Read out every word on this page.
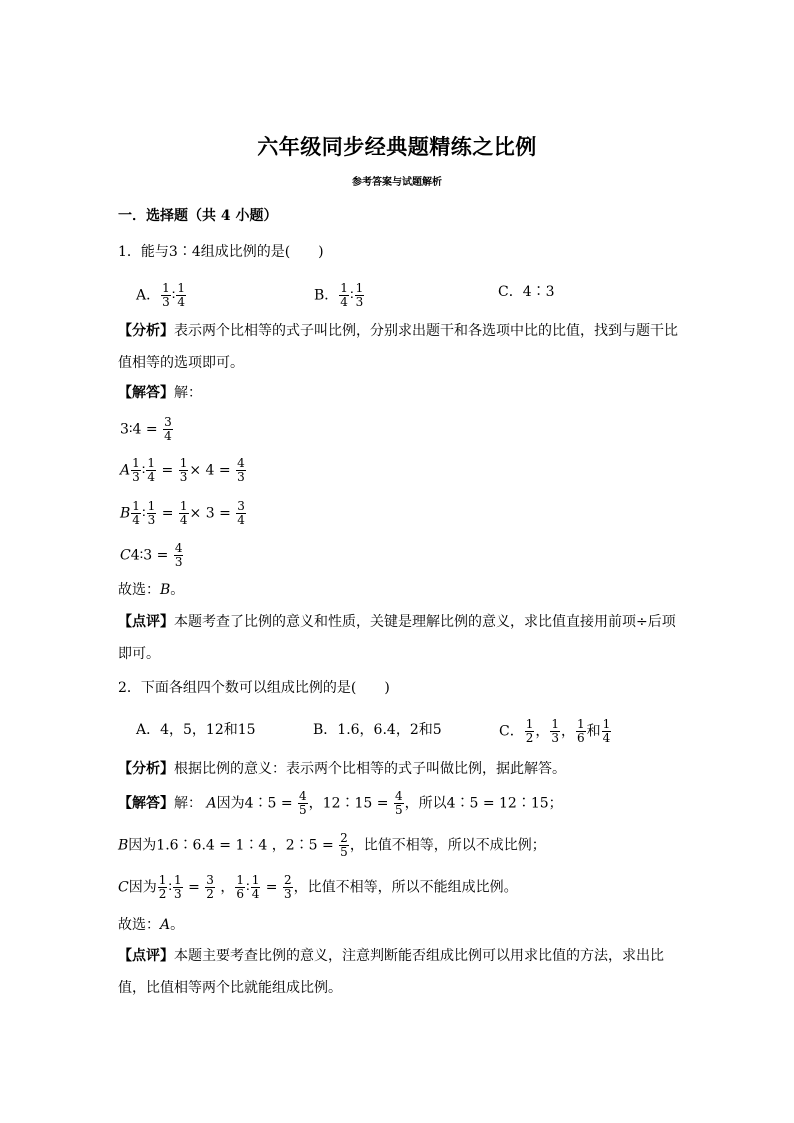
六年级同步经典题精练之比例
参考答案与试题解析
一．选择题（共 4 小题）
1．能与3∶4组成比例的是(　　)
A． $\frac{1}{3}$ ∶ $\frac{1}{4}$	B． $\frac{1}{4}$ ∶ $\frac{1}{3}$	C．4∶3
【分析】表示两个比相等的式子叫比例，分别求出题干和各选项中比的比值，找到与题干比值相等的选项即可。
【解答】解：
3∶4 = $\frac{3}{4}$
A $\frac{1}{3}$ ∶ $\frac{1}{4} = \frac{1}{3} \times 4 = \frac{4}{3}$
B $\frac{1}{4}$ ∶ $\frac{1}{3} = \frac{1}{4} \times 3 = \frac{3}{4}$
C4∶3 = $\frac{4}{3}$
故选：B。
【点评】本题考查了比例的意义和性质，关键是理解比例的意义，求比值直接用前项÷后项即可。
2．下面各组四个数可以组成比例的是(　　)
A．4，5，12和15	B．1.6，6.4，2和5	C． $\frac{1}{2}$ ， $\frac{1}{3}$ ， $\frac{1}{6}$ 和 $\frac{1}{4}$
【分析】根据比例的意义：表示两个比相等的式子叫做比例，据此解答。
【解答】解： A因为4∶5 = $\frac{4}{5}$ ，12∶15 = $\frac{4}{5}$ ，所以4∶5 = 12∶15；
B因为1.6∶6.4 = 1∶4 ，2∶5 = $\frac{2}{5}$ ，比值不相等，所以不成比例；
C因为 $\frac{1}{2}$ ∶ $\frac{1}{3} = \frac{3}{2}$ ， $\frac{1}{6}$ ∶ $\frac{1}{4} = \frac{2}{3}$ ，比值不相等，所以不能组成比例。
故选：A。
【点评】本题主要考查比例的意义，注意判断能否组成比例可以用求比值的方法，求出比值，比值相等两个比就能组成比例。
